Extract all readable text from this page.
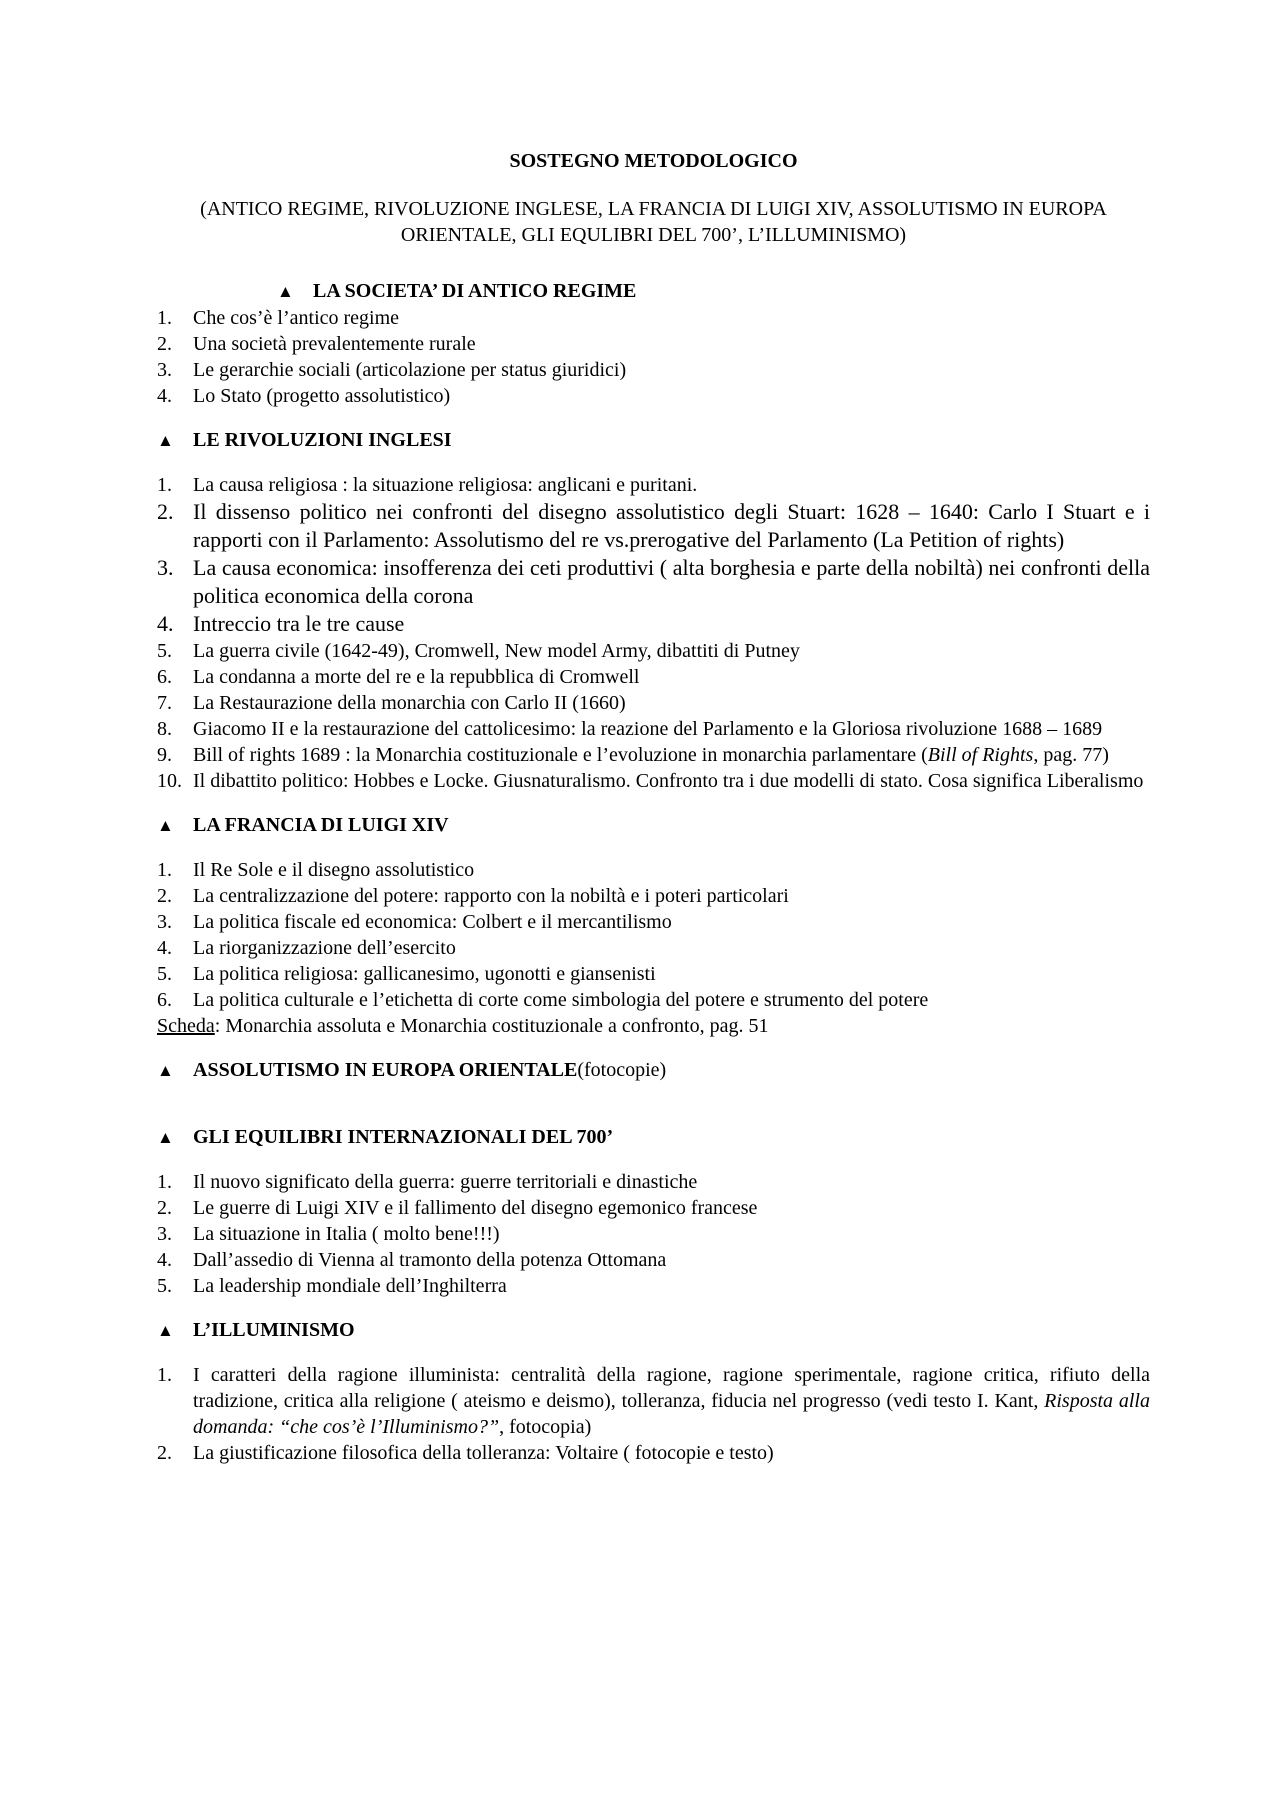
SOSTEGNO METODOLOGICO
(ANTICO REGIME, RIVOLUZIONE INGLESE, LA FRANCIA DI LUIGI XIV, ASSOLUTISMO IN EUROPA ORIENTALE, GLI EQULIBRI DEL 700’, L’ILLUMINISMO)
▲ LA SOCIETA’ DI ANTICO REGIME
1.	Che cos’è l’antico regime
2.	Una società prevalentemente rurale
3.	Le gerarchie sociali (articolazione per status giuridici)
4.	Lo Stato (progetto assolutistico)
▲ LE RIVOLUZIONI INGLESI
1.	La causa religiosa : la situazione religiosa: anglicani e puritani.
2. Il dissenso politico nei confronti del disegno assolutistico degli Stuart: 1628 – 1640: Carlo I Stuart e i rapporti con il Parlamento: Assolutismo del re vs.prerogative del Parlamento (La Petition of rights)
3. La causa economica: insofferenza dei ceti produttivi ( alta borghesia e parte della nobiltà) nei confronti della politica economica della corona
4. Intreccio tra le tre cause
5.	La guerra civile (1642-49), Cromwell, New model Army, dibattiti di Putney
6.	La condanna a morte del re e la repubblica di Cromwell
7.	La Restaurazione della monarchia con Carlo II (1660)
8.	Giacomo II e la restaurazione del cattolicesimo: la reazione del Parlamento e la Gloriosa rivoluzione 1688 – 1689
9.	Bill of rights 1689 : la Monarchia costituzionale e l’evoluzione in monarchia parlamentare (Bill of Rights, pag. 77)
10. Il dibattito politico: Hobbes e Locke. Giusnaturalismo. Confronto tra i due modelli di stato. Cosa significa Liberalismo
▲ LA FRANCIA DI LUIGI XIV
1.	Il Re Sole e il disegno assolutistico
2.	La centralizzazione del potere: rapporto con la nobiltà e i poteri particolari
3.	La politica fiscale ed economica: Colbert e il mercantilismo
4.	La riorganizzazione dell’esercito
5.	La politica religiosa: gallicanesimo, ugonotti e giansenisti
6.	La politica culturale e l’etichetta di corte come simbologia del potere e strumento del potere
Scheda: Monarchia assoluta e Monarchia costituzionale a confronto, pag. 51
▲ ASSOLUTISMO IN EUROPA ORIENTALE (fotocopie)
▲ GLI EQUILIBRI INTERNAZIONALI DEL 700’
1.	Il nuovo significato della guerra: guerre territoriali e dinastiche
2.	Le guerre di Luigi XIV e il fallimento del disegno egemonico francese
3.	La situazione in Italia ( molto bene!!!)
4.	Dall’assedio di Vienna al tramonto della potenza Ottomana
5.	La leadership mondiale dell’Inghilterra
▲ L’ILLUMINISMO
1.	I caratteri della ragione illuminista: centralità della ragione, ragione sperimentale, ragione critica, rifiuto della tradizione, critica alla religione ( ateismo e deismo), tolleranza, fiducia nel progresso (vedi testo I. Kant, Risposta alla domanda: “che cos’è l’Illuminismo?”, fotocopia)
2.	La giustificazione filosofica della tolleranza: Voltaire ( fotocopie e testo)
